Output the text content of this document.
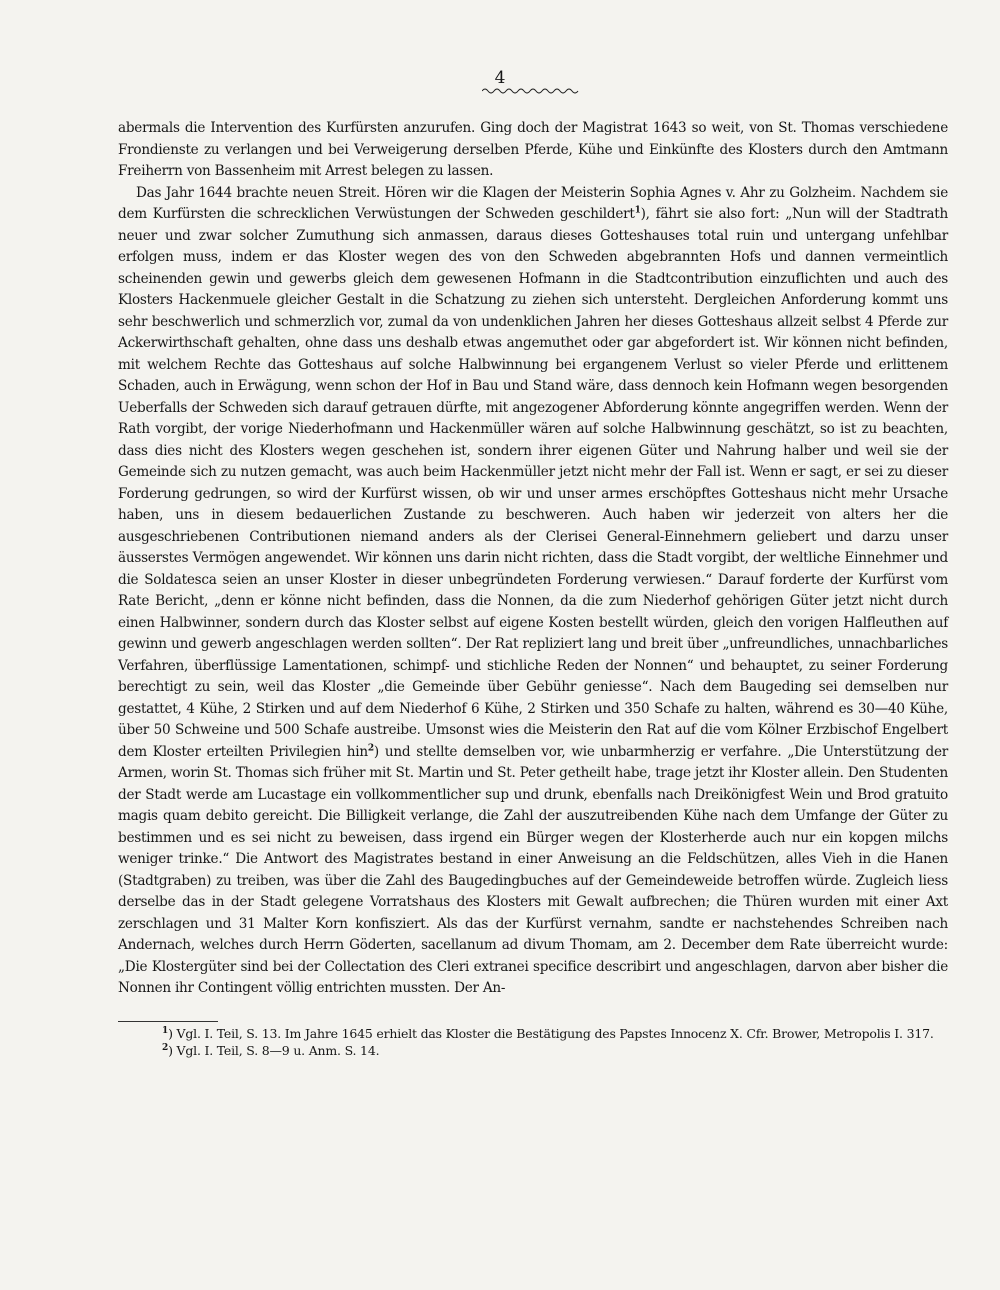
4

abermals die Intervention des Kurfürsten anzurufen. Ging doch der Magistrat 1643 so weit, von St. Thomas verschiedene Frondienste zu verlangen und bei Verweigerung derselben Pferde, Kühe und Einkünfte des Klosters durch den Amtmann Freiherrn von Bassenheim mit Arrest belegen zu lassen.

Das Jahr 1644 brachte neuen Streit. Hören wir die Klagen der Meisterin Sophia Agnes v. Ahr zu Golzheim. Nachdem sie dem Kurfürsten die schrecklichen Verwüstungen der Schweden geschildert$^1$), fährt sie also fort: „Nun will der Stadtrath neuer und zwar solcher Zumuthung sich anmassen, daraus dieses Gotteshauses total ruin und untergang unfehlbar erfolgen muss, indem er das Kloster wegen des von den Schweden abgebrannten Hofs und dannen vermeintlich scheinenden gewin und gewerbs gleich dem gewesenen Hofmann in die Stadtcontribution einzuflichten und auch des Klosters Hackenmuele gleicher Gestalt in die Schatzung zu ziehen sich untersteht. Dergleichen Anforderung kommt uns sehr beschwerlich und schmerzlich vor, zumal da von undenklichen Jahren her dieses Gotteshaus allzeit selbst 4 Pferde zur Ackerwirthschaft gehalten, ohne dass uns deshalb etwas angemuthet oder gar abgefordert ist. Wir können nicht befinden, mit welchem Rechte das Gotteshaus auf solche Halbwinnung bei ergangenem Verlust so vieler Pferde und erlittenem Schaden, auch in Erwägung, wenn schon der Hof in Bau und Stand wäre, dass dennoch kein Hofmann wegen besorgenden Ueberfalls der Schweden sich darauf getrauen dürfte, mit angezogener Abforderung könnte angegriffen werden. Wenn der Rath vorgibt, der vorige Niederhofmann und Hackenmüller wären auf solche Halbwinnung geschätzt, so ist zu beachten, dass dies nicht des Klosters wegen geschehen ist, sondern ihrer eigenen Güter und Nahrung halber und weil sie der Gemeinde sich zu nutzen gemacht, was auch beim Hackenmüller jetzt nicht mehr der Fall ist. Wenn er sagt, er sei zu dieser Forderung gedrungen, so wird der Kurfürst wissen, ob wir und unser armes erschöpftes Gotteshaus nicht mehr Ursache haben, uns in diesem bedauerlichen Zustande zu beschweren. Auch haben wir jederzeit von alters her die ausgeschriebenen Contributionen niemand anders als der Clerisei General-Einnehmern geliebert und darzu unser äusserstes Vermögen angewendet. Wir können uns darin nicht richten, dass die Stadt vorgibt, der weltliche Einnehmer und die Soldatesca seien an unser Kloster in dieser unbegründeten Forderung verwiesen.“ Darauf forderte der Kurfürst vom Rate Bericht, „denn er könne nicht befinden, dass die Nonnen, da die zum Niederhof gehörigen Güter jetzt nicht durch einen Halbwinner, sondern durch das Kloster selbst auf eigene Kosten bestellt würden, gleich den vorigen Halfleuthen auf gewinn und gewerb angeschlagen werden sollten“. Der Rat repliziert lang und breit über „unfreundliches, unnachbarliches Verfahren, überflüssige Lamentationen, schimpf- und stichliche Reden der Nonnen“ und behauptet, zu seiner Forderung berechtigt zu sein, weil das Kloster „die Gemeinde über Gebühr geniesse“. Nach dem Baugeding sei demselben nur gestattet, 4 Kühe, 2 Stirken und auf dem Niederhof 6 Kühe, 2 Stirken und 350 Schafe zu halten, während es 30—40 Kühe, über 50 Schweine und 500 Schafe austreibe. Umsonst wies die Meisterin den Rat auf die vom Kölner Erzbischof Engelbert dem Kloster erteilten Privilegien hin$^2$) und stellte demselben vor, wie unbarmherzig er verfahre. „Die Unterstützung der Armen, worin St. Thomas sich früher mit St. Martin und St. Peter getheilt habe, trage jetzt ihr Kloster allein. Den Studenten der Stadt werde am Lucastage ein vollkommentlicher sup und drunk, ebenfalls nach Dreikönigfest Wein und Brod gratuito magis quam debito gereicht. Die Billigkeit verlange, die Zahl der auszutreibenden Kühe nach dem Umfange der Güter zu bestimmen und es sei nicht zu beweisen, dass irgend ein Bürger wegen der Klosterherde auch nur ein kopgen milchs weniger trinke.“ Die Antwort des Magistrates bestand in einer Anweisung an die Feldschützen, alles Vieh in die Hanen (Stadtgraben) zu treiben, was über die Zahl des Baugedingbuches auf der Gemeindeweide betroffen würde. Zugleich liess derselbe das in der Stadt gelegene Vorratshaus des Klosters mit Gewalt aufbrechen; die Thüren wurden mit einer Axt zerschlagen und 31 Malter Korn konfisziert. Als das der Kurfürst vernahm, sandte er nachstehendes Schreiben nach Andernach, welches durch Herrn Göderten, sacellanum ad divum Thomam, am 2. December dem Rate überreicht wurde: „Die Klostergüter sind bei der Collectation des Cleri extranei specifice describirt und angeschlagen, darvon aber bisher die Nonnen ihr Contingent völlig entrichten mussten. Der An-

$^1$) Vgl. I. Teil, S. 13. Im Jahre 1645 erhielt das Kloster die Bestätigung des Papstes Innocenz X. Cfr. Brower, Metropolis I. 317.

$^2$) Vgl. I. Teil, S. 8—9 u. Anm. S. 14.
